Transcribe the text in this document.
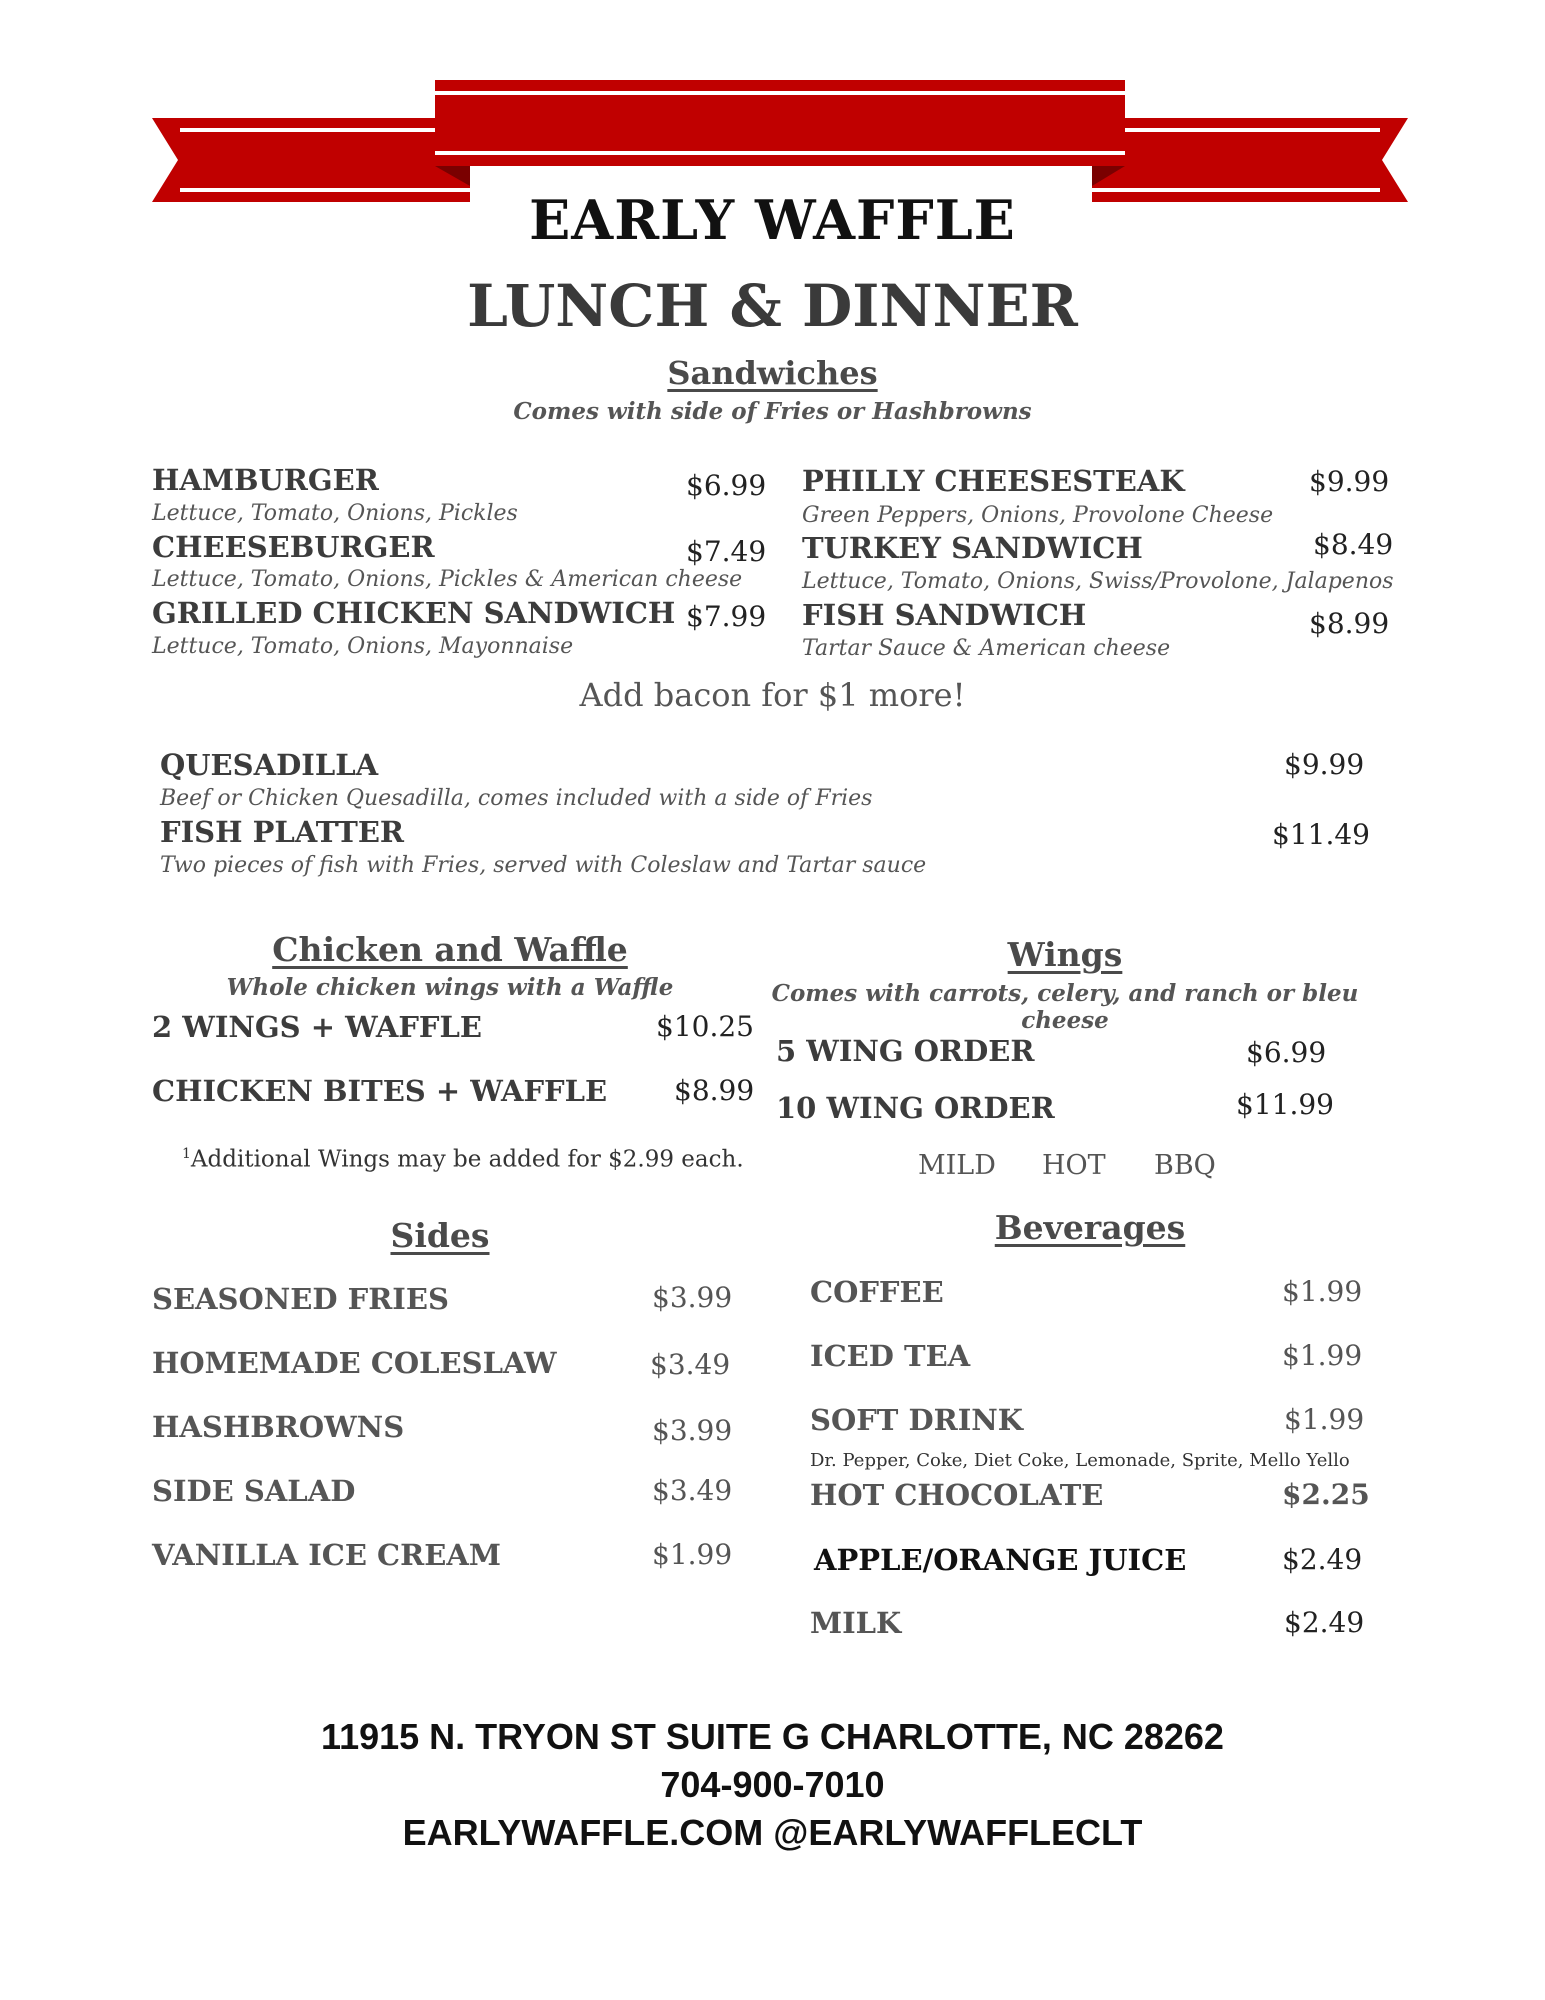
EARLY WAFFLE
LUNCH & DINNER
Sandwiches
Comes with side of Fries or Hashbrowns
HAMBURGER
Lettuce, Tomato, Onions, Pickles
$6.99
CHEESEBURGER
Lettuce, Tomato, Onions, Pickles & American cheese
$7.49
GRILLED CHICKEN SANDWICH
Lettuce, Tomato, Onions, Mayonnaise
$7.99
PHILLY CHEESESTEAK
Green Peppers, Onions, Provolone Cheese
$9.99
TURKEY SANDWICH
Lettuce, Tomato, Onions, Swiss/Provolone, Jalapenos
$8.49
FISH SANDWICH
Tartar Sauce & American cheese
$8.99
Add bacon for $1 more!
QUESADILLA
Beef or Chicken Quesadilla, comes included with a side of Fries
$9.99
FISH PLATTER
Two pieces of fish with Fries, served with Coleslaw and Tartar sauce
$11.49
Chicken and Waffle
Whole chicken wings with a Waffle
2 WINGS + WAFFLE	$10.25
CHICKEN BITES + WAFFLE $8.99
$^1$Additional Wings may be added for $2.99 each.
Wings
Comes with carrots, celery, and ranch or bleu cheese
5 WING ORDER	$6.99
10 WING ORDER	$11.99
MILD HOT BBQ
Sides
SEASONED FRIES	$3.99
HOMEMADE COLESLAW	$3.49
HASHBROWNS	$3.99
SIDE SALAD	$3.49
VANILLA ICE CREAM	$1.99
Beverages
COFFEE	$1.99
ICED TEA	$1.99
SOFT DRINK	$1.99
Dr. Pepper, Coke, Diet Coke, Lemonade, Sprite, Mello Yello
HOT CHOCOLATE	$2.25
APPLE/ORANGE JUICE	$2.49
MILK	$2.49
11915 N. TRYON ST SUITE G CHARLOTTE, NC 28262
704-900-7010
EARLYWAFFLE.COM @EARLYWAFFLECLT
